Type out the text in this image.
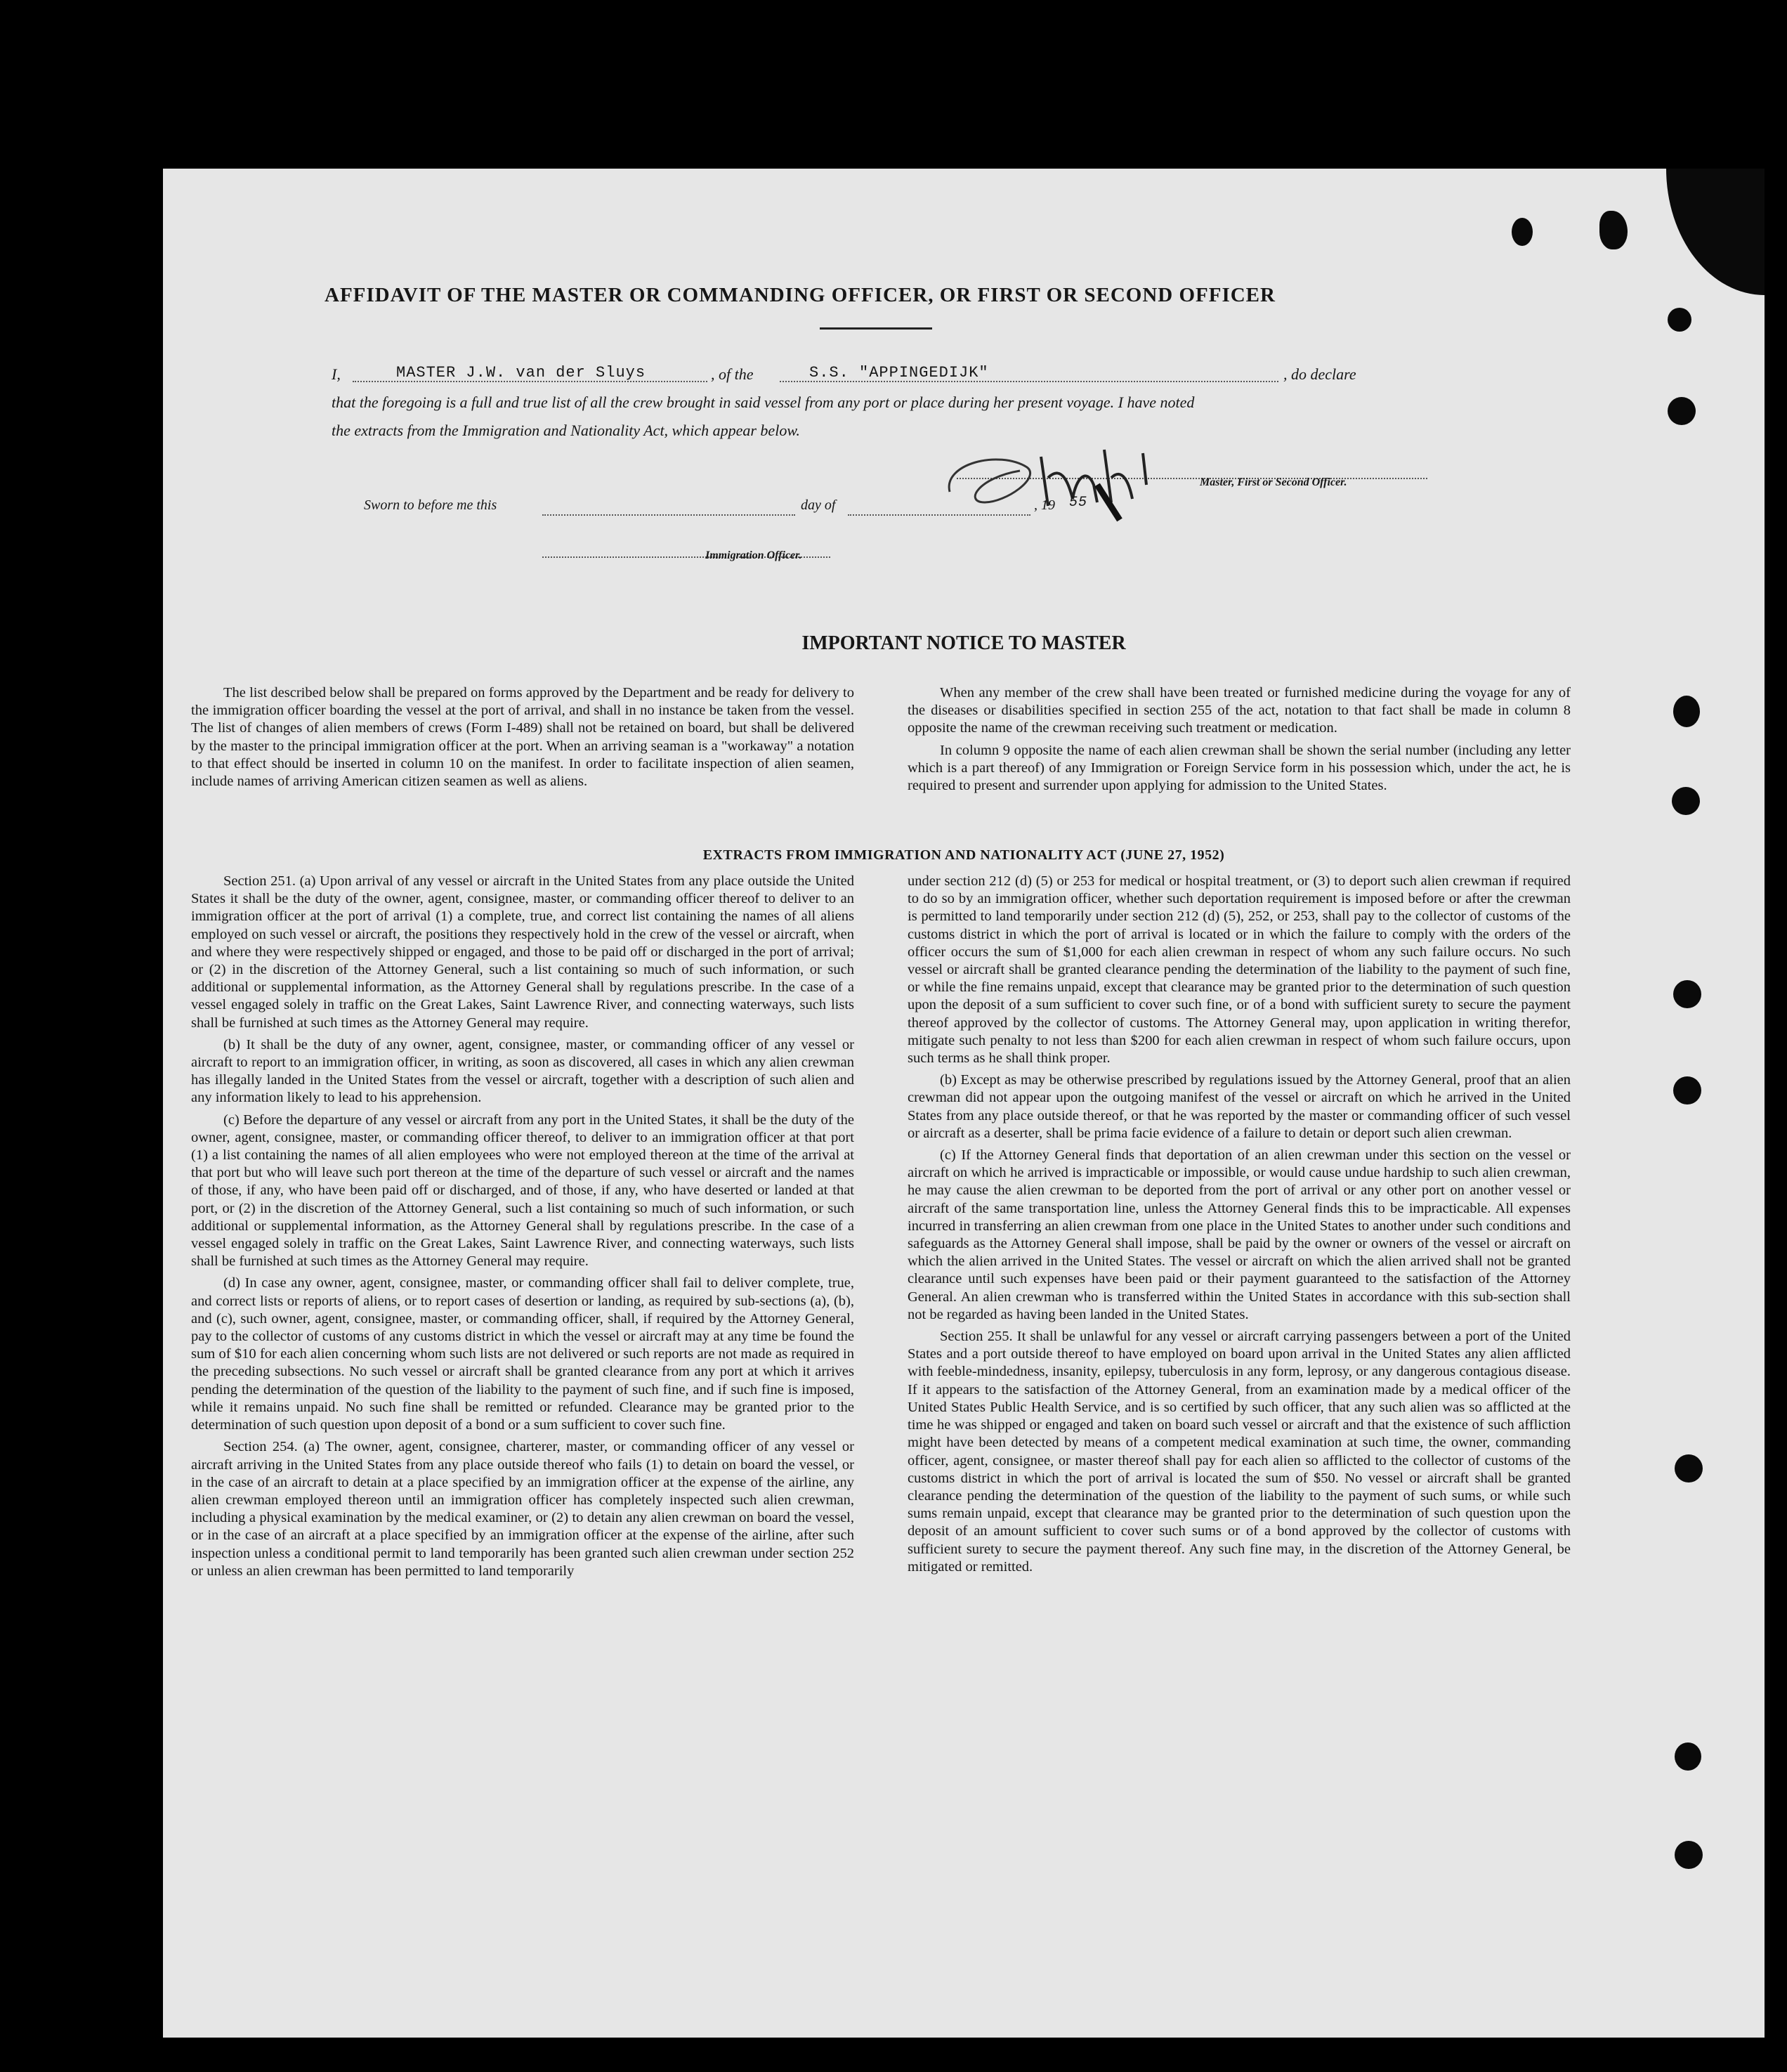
AFFIDAVIT OF THE MASTER OR COMMANDING OFFICER, OR FIRST OR SECOND OFFICER
I,	MASTER J.W. van der Sluys	, of the	S.S. "APPINGEDIJK"	, do declare
that the foregoing is a full and true list of all the crew brought in said vessel from any port or place during her present voyage. I have noted
the extracts from the Immigration and Nationality Act, which appear below.
Master, First or Second Officer.
Sworn to before me this	day of	, 19 55
Immigration Officer.
IMPORTANT NOTICE TO MASTER

The list described below shall be prepared on forms approved by the Department and be ready for delivery to the immigration officer boarding the vessel at the port of arrival, and shall in no instance be taken from the vessel. The list of changes of alien members of crews (Form I-489) shall not be retained on board, but shall be delivered by the master to the principal immigration officer at the port. When an arriving seaman is a "workaway" a notation to that effect should be inserted in column 10 on the manifest. In order to facilitate inspection of alien seamen, include names of arriving American citizen seamen as well as aliens.

When any member of the crew shall have been treated or furnished medicine during the voyage for any of the diseases or disabilities specified in section 255 of the act, notation to that fact shall be made in column 8 opposite the name of the crewman receiving such treatment or medication.

In column 9 opposite the name of each alien crewman shall be shown the serial number (including any letter which is a part thereof) of any Immigration or Foreign Service form in his possession which, under the act, he is required to present and surrender upon applying for admission to the United States.

EXTRACTS FROM IMMIGRATION AND NATIONALITY ACT (JUNE 27, 1952)

Section 251. (a) Upon arrival of any vessel or aircraft in the United States from any place outside the United States it shall be the duty of the owner, agent, consignee, master, or commanding officer thereof to deliver to an immigration officer at the port of arrival (1) a complete, true, and correct list containing the names of all aliens employed on such vessel or aircraft, the positions they respectively hold in the crew of the vessel or aircraft, when and where they were respectively shipped or engaged, and those to be paid off or discharged in the port of arrival; or (2) in the discretion of the Attorney General, such a list containing so much of such information, or such additional or supplemental information, as the Attorney General shall by regulations prescribe. In the case of a vessel engaged solely in traffic on the Great Lakes, Saint Lawrence River, and connecting waterways, such lists shall be furnished at such times as the Attorney General may require.

(b) It shall be the duty of any owner, agent, consignee, master, or commanding officer of any vessel or aircraft to report to an immigration officer, in writing, as soon as discovered, all cases in which any alien crewman has illegally landed in the United States from the vessel or aircraft, together with a description of such alien and any information likely to lead to his apprehension.

(c) Before the departure of any vessel or aircraft from any port in the United States, it shall be the duty of the owner, agent, consignee, master, or commanding officer thereof, to deliver to an immigration officer at that port (1) a list containing the names of all alien employees who were not employed thereon at the time of the arrival at that port but who will leave such port thereon at the time of the departure of such vessel or aircraft and the names of those, if any, who have been paid off or discharged, and of those, if any, who have deserted or landed at that port, or (2) in the discretion of the Attorney General, such a list containing so much of such information, or such additional or supplemental information, as the Attorney General shall by regulations prescribe. In the case of a vessel engaged solely in traffic on the Great Lakes, Saint Lawrence River, and connecting waterways, such lists shall be furnished at such times as the Attorney General may require.

(d) In case any owner, agent, consignee, master, or commanding officer shall fail to deliver complete, true, and correct lists or reports of aliens, or to report cases of desertion or landing, as required by sub-sections (a), (b), and (c), such owner, agent, consignee, master, or commanding officer, shall, if required by the Attorney General, pay to the collector of customs of any customs district in which the vessel or aircraft may at any time be found the sum of $10 for each alien concerning whom such lists are not delivered or such reports are not made as required in the preceding subsections. No such vessel or aircraft shall be granted clearance from any port at which it arrives pending the determination of the question of the liability to the payment of such fine, and if such fine is imposed, while it remains unpaid. No such fine shall be remitted or refunded. Clearance may be granted prior to the determination of such question upon deposit of a bond or a sum sufficient to cover such fine.

Section 254. (a) The owner, agent, consignee, charterer, master, or commanding officer of any vessel or aircraft arriving in the United States from any place outside thereof who fails (1) to detain on board the vessel, or in the case of an aircraft to detain at a place specified by an immigration officer at the expense of the airline, any alien crewman employed thereon until an immigration officer has completely inspected such alien crewman, including a physical examination by the medical examiner, or (2) to detain any alien crewman on board the vessel, or in the case of an aircraft at a place specified by an immigration officer at the expense of the airline, after such inspection unless a conditional permit to land temporarily has been granted such alien crewman under section 252 or unless an alien crewman has been permitted to land temporarily

under section 212 (d) (5) or 253 for medical or hospital treatment, or (3) to deport such alien crewman if required to do so by an immigration officer, whether such deportation requirement is imposed before or after the crewman is permitted to land temporarily under section 212 (d) (5), 252, or 253, shall pay to the collector of customs of the customs district in which the port of arrival is located or in which the failure to comply with the orders of the officer occurs the sum of $1,000 for each alien crewman in respect of whom any such failure occurs. No such vessel or aircraft shall be granted clearance pending the determination of the liability to the payment of such fine, or while the fine remains unpaid, except that clearance may be granted prior to the determination of such question upon the deposit of a sum sufficient to cover such fine, or of a bond with sufficient surety to secure the payment thereof approved by the collector of customs. The Attorney General may, upon application in writing therefor, mitigate such penalty to not less than $200 for each alien crewman in respect of whom such failure occurs, upon such terms as he shall think proper.

(b) Except as may be otherwise prescribed by regulations issued by the Attorney General, proof that an alien crewman did not appear upon the outgoing manifest of the vessel or aircraft on which he arrived in the United States from any place outside thereof, or that he was reported by the master or commanding officer of such vessel or aircraft as a deserter, shall be prima facie evidence of a failure to detain or deport such alien crewman.

(c) If the Attorney General finds that deportation of an alien crewman under this section on the vessel or aircraft on which he arrived is impracticable or impossible, or would cause undue hardship to such alien crewman, he may cause the alien crewman to be deported from the port of arrival or any other port on another vessel or aircraft of the same transportation line, unless the Attorney General finds this to be impracticable. All expenses incurred in transferring an alien crewman from one place in the United States to another under such conditions and safeguards as the Attorney General shall impose, shall be paid by the owner or owners of the vessel or aircraft on which the alien arrived in the United States. The vessel or aircraft on which the alien arrived shall not be granted clearance until such expenses have been paid or their payment guaranteed to the satisfaction of the Attorney General. An alien crewman who is transferred within the United States in accordance with this sub-section shall not be regarded as having been landed in the United States.

Section 255. It shall be unlawful for any vessel or aircraft carrying passengers between a port of the United States and a port outside thereof to have employed on board upon arrival in the United States any alien afflicted with feeble-mindedness, insanity, epilepsy, tuberculosis in any form, leprosy, or any dangerous contagious disease. If it appears to the satisfaction of the Attorney General, from an examination made by a medical officer of the United States Public Health Service, and is so certified by such officer, that any such alien was so afflicted at the time he was shipped or engaged and taken on board such vessel or aircraft and that the existence of such affliction might have been detected by means of a competent medical examination at such time, the owner, commanding officer, agent, consignee, or master thereof shall pay for each alien so afflicted to the collector of customs of the customs district in which the port of arrival is located the sum of $50. No vessel or aircraft shall be granted clearance pending the determination of the question of the liability to the payment of such sums, or while such sums remain unpaid, except that clearance may be granted prior to the determination of such question upon the deposit of an amount sufficient to cover such sums or of a bond approved by the collector of customs with sufficient surety to secure the payment thereof. Any such fine may, in the discretion of the Attorney General, be mitigated or remitted.
